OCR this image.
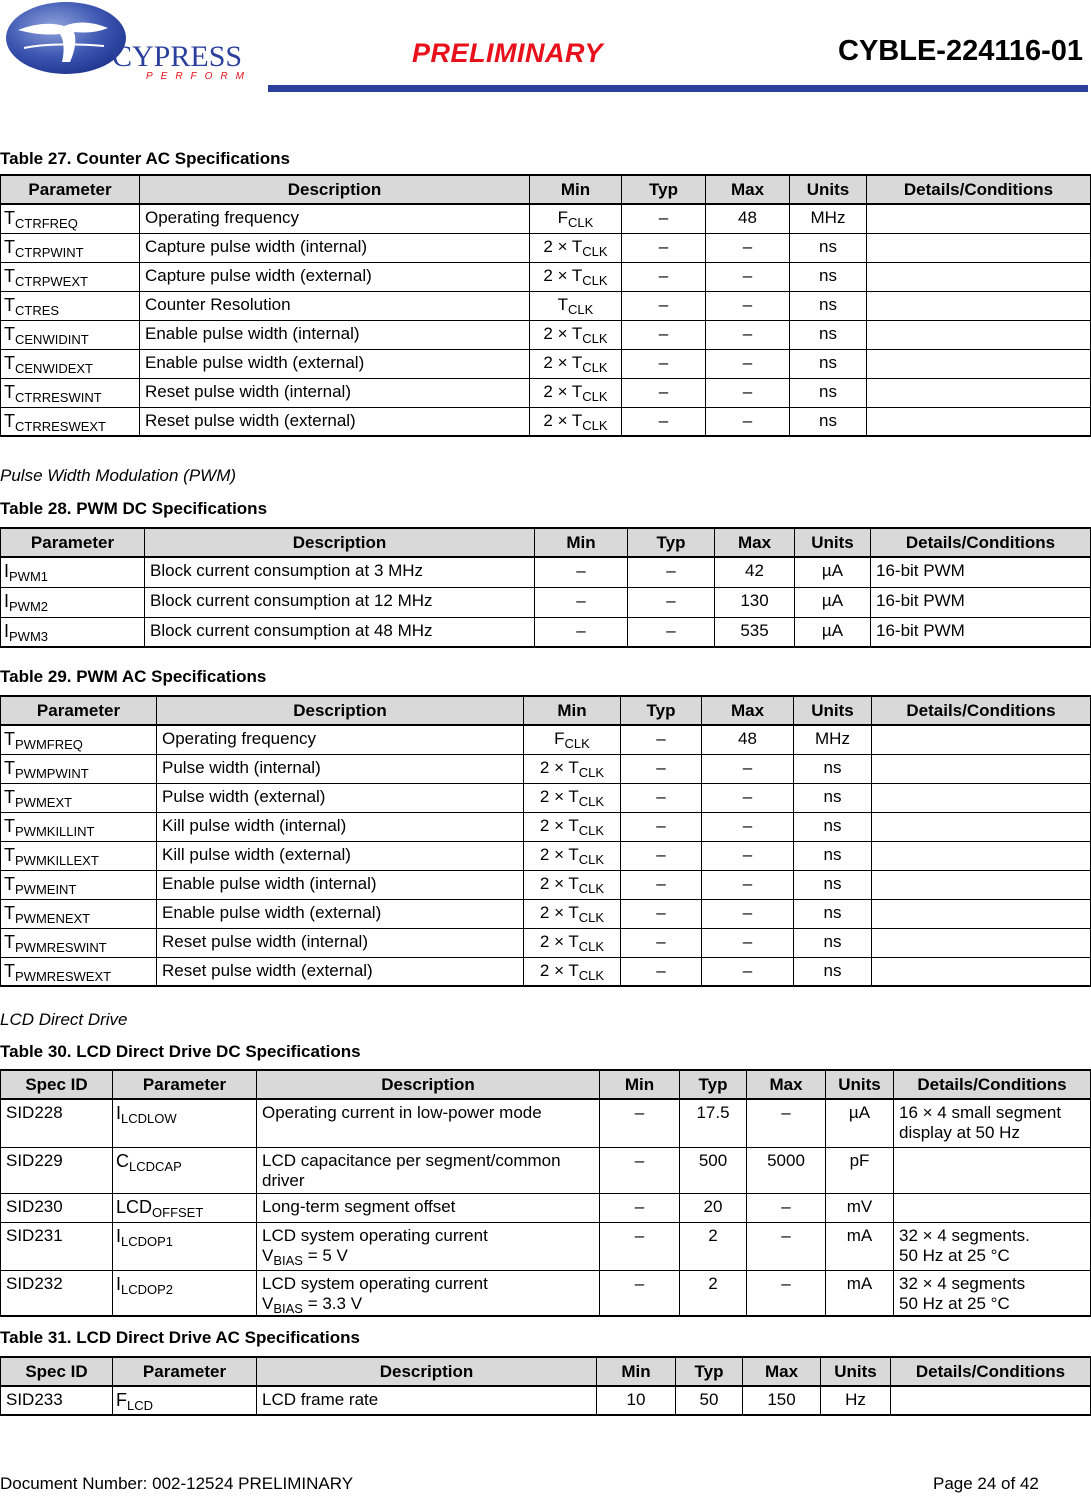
CYPRESS
PERFORM
PRELIMINARY	CYBLE-224116-01
Table 27. Counter AC Specifications
Parameter	Description	Min	Typ	Max	Units	Details/Conditions
$T_{CTRFREQ}$	Operating frequency	$F_{CLK}$	–	48	MHz	
$T_{CTRPWINT}$	Capture pulse width (internal)	$2 \times T_{CLK}$	–	–	ns	
$T_{CTRPWEXT}$	Capture pulse width (external)	$2 \times T_{CLK}$	–	–	ns	
$T_{CTRES}$	Counter Resolution	$T_{CLK}$	–	–	ns	
$T_{CENWIDINT}$	Enable pulse width (internal)	$2 \times T_{CLK}$	–	–	ns	
$T_{CENWIDEXT}$	Enable pulse width (external)	$2 \times T_{CLK}$	–	–	ns	
$T_{CTRRESWINT}$	Reset pulse width (internal)	$2 \times T_{CLK}$	–	–	ns	
$T_{CTRRESWEXT}$	Reset pulse width (external)	$2 \times T_{CLK}$	–	–	ns	
Pulse Width Modulation (PWM)
Table 28. PWM DC Specifications
Parameter	Description	Min	Typ	Max	Units	Details/Conditions
$I_{PWM1}$	Block current consumption at 3 MHz	–	–	42	µA	16-bit PWM
$I_{PWM2}$	Block current consumption at 12 MHz	–	–	130	µA	16-bit PWM
$I_{PWM3}$	Block current consumption at 48 MHz	–	–	535	µA	16-bit PWM
Table 29. PWM AC Specifications
Parameter	Description	Min	Typ	Max	Units	Details/Conditions
$T_{PWMFREQ}$	Operating frequency	$F_{CLK}$	–	48	MHz	
$T_{PWMPWINT}$	Pulse width (internal)	$2 \times T_{CLK}$	–	–	ns	
$T_{PWMEXT}$	Pulse width (external)	$2 \times T_{CLK}$	–	–	ns	
$T_{PWMKILLINT}$	Kill pulse width (internal)	$2 \times T_{CLK}$	–	–	ns	
$T_{PWMKILLEXT}$	Kill pulse width (external)	$2 \times T_{CLK}$	–	–	ns	
$T_{PWMEINT}$	Enable pulse width (internal)	$2 \times T_{CLK}$	–	–	ns	
$T_{PWMENEXT}$	Enable pulse width (external)	$2 \times T_{CLK}$	–	–	ns	
$T_{PWMRESWINT}$	Reset pulse width (internal)	$2 \times T_{CLK}$	–	–	ns	
$T_{PWMRESWEXT}$	Reset pulse width (external)	$2 \times T_{CLK}$	–	–	ns	
LCD Direct Drive
Table 30. LCD Direct Drive DC Specifications
Spec ID	Parameter	Description	Min	Typ	Max	Units	Details/Conditions
SID228	$I_{LCDLOW}$	Operating current in low-power mode	–	17.5	–	µA	16 × 4 small segment
display at 50 Hz

SID229	$C_{LCDCAP}$	LCD capacitance per segment/common
driver	–	500	5000	pF	

SID230	$LCD_{OFFSET}$	Long-term segment offset	–	20	–	mV	

SID231	$I_{LCDOP1}$	LCD system operating current
$V_{BIAS} = 5$ V	–	2	–	mA	32 × 4 segments.
50 Hz at 25 °C

SID232	$I_{LCDOP2}$	LCD system operating current
$V_{BIAS} = 3.3$ V	–	2	–	mA	32 × 4 segments
50 Hz at 25 °C
Table 31. LCD Direct Drive AC Specifications
Spec ID	Parameter	Description	Min	Typ	Max	Units	Details/Conditions
SID233	$F_{LCD}$	LCD frame rate	10	50	150	Hz	
Document Number: 002-12524 PRELIMINARY	Page 24 of 42
